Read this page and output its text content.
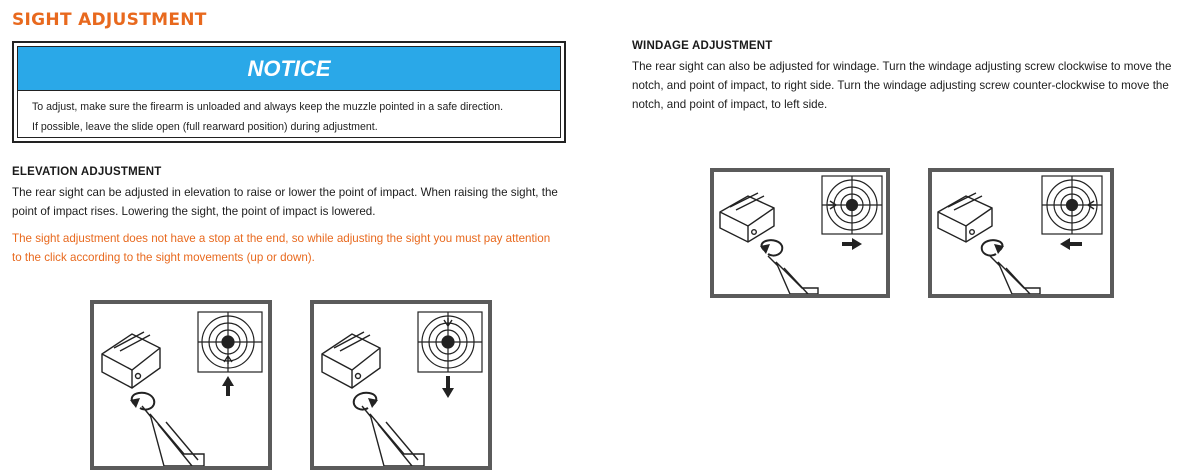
SIGHT ADJUSTMENT
NOTICE
To adjust, make sure the firearm is unloaded and always keep the muzzle pointed in a safe direction.
If possible, leave the slide open (full rearward position) during adjustment.
ELEVATION ADJUSTMENT
The rear sight can be adjusted in elevation to raise or lower the point of impact. When raising the sight, the
point of impact rises. Lowering the sight, the point of impact is lowered.
The sight adjustment does not have a stop at the end, so while adjusting the sight you must pay attention
to the click according to the sight movements (up or down).
WINDAGE ADJUSTMENT
The rear sight can also be adjusted for windage. Turn the windage adjusting screw clockwise to move the
notch, and point of impact, to right side. Turn the windage adjusting screw counter-clockwise to move the
notch, and point of impact, to left side.
